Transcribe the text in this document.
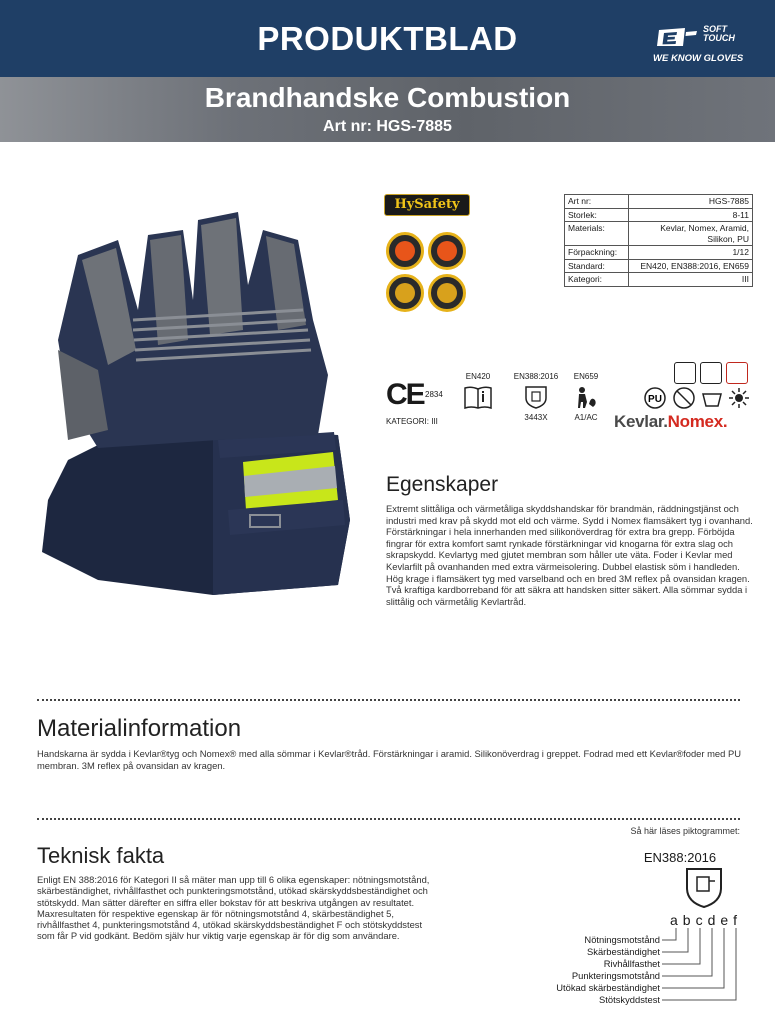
PRODUKTBLAD	SOFT TOUCH
WE KNOW GLOVES
Brandhandske Combustion
Art nr: HGS-7885
HySafety	Art nr:	HGS-7885
Storlek:	8-11
Materials:	Kevlar, Nomex, Aramid, Silikon, PU
Förpackning:	1/12
Standard:	EN420, EN388:2016, EN659
Kategori:	III
CE 2834
KATEGORI: III
EN420	EN388:2016
3443X
EN659
A1/AC
PU
Kevlar.Nomex.
Egenskaper
Extremt slittåliga och värmetåliga skyddshandskar för brandmän, räddningstjänst och industri med krav på skydd mot eld och värme. Sydd i Nomex flamsäkert tyg i ovanhand. Förstärkningar i hela innerhanden med silikonöverdrag för extra bra grepp. Förböjda fingrar för extra komfort samt rynkade förstärkningar vid knogarna för extra slag och skrapskydd. Kevlartyg med gjutet membran som håller ute väta. Foder i Kevlar med Kevlarfilt på ovanhanden med extra värmeisolering. Dubbel elastisk söm i handleden. Hög krage i flamsäkert tyg med varselband och en bred 3M reflex på ovansidan kragen. Två kraftiga kardborreband för att säkra att handsken sitter säkert. Alla sömmar sydda i slittålig och värmetålig Kevlartråd.
Materialinformation
Handskarna är sydda i Kevlar®tyg och Nomex® med alla sömmar i Kevlar®tråd. Förstärkningar i aramid. Silikonöverdrag i greppet. Fodrad med ett Kevlar®foder med PU membran. 3M reflex på ovansidan av kragen.
Teknisk fakta
Enligt EN 388:2016 för Kategori II så mäter man upp till 6 olika egenskaper: nötningsmotstånd, skärbeständighet, rivhållfasthet och punkteringsmotstånd, utökad skärskyddsbeständighet och stötskydd. Man sätter därefter en siffra eller bokstav för att beskriva utgången av resultatet. Maxresultaten för respektive egenskap är för nötningsmotstånd 4, skärbeständighet 5, rivhållfasthet 4, punkteringsmotstånd 4, utökad skärskyddsbeständighet F och stötskyddstest som får P vid godkänt. Bedöm själv hur viktig varje egenskap är för dig som användare.
Så här läses piktogrammet:
EN388:2016
abcdef
Nötningsmotstånd
Skärbeständighet
Rivhållfasthet
Punkteringsmotstånd
Utökad skärbeständighet
Stötskyddstest
